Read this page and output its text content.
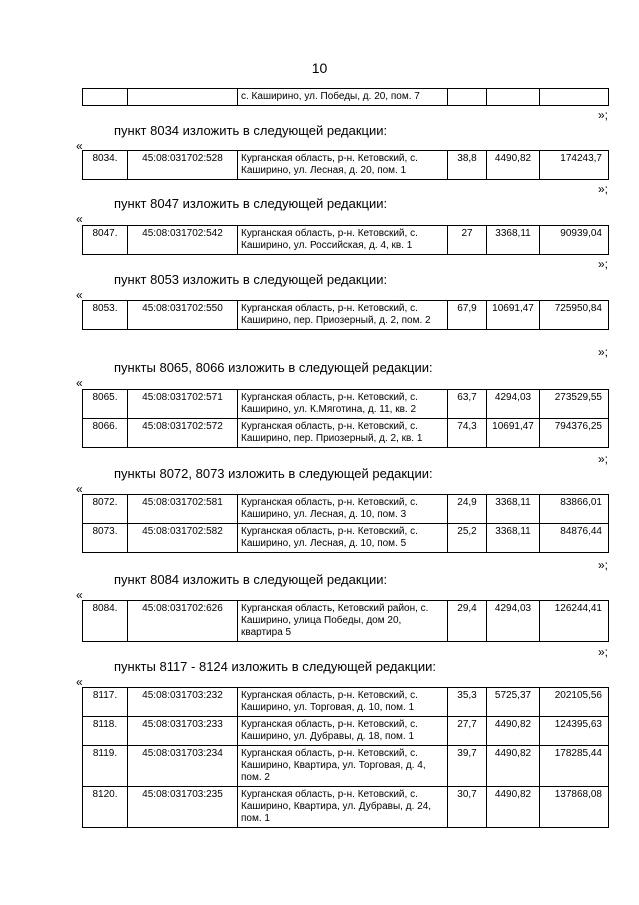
10
		с. Каширино, ул. Победы, д. 20, пом. 7			
»;
пункт 8034 изложить в следующей редакции:
«
8034.	45:08:031702:528	Курганская область, р-н. Кетовский, с. Каширино, ул. Лесная, д. 20, пом. 1	38,8	4490,82	174243,7
»;
пункт 8047 изложить в следующей редакции:
«
8047.	45:08:031702:542	Курганская область, р-н. Кетовский, с. Каширино, ул. Российская, д. 4, кв. 1	27	3368,11	90939,04
»;
пункт 8053 изложить в следующей редакции:
«
8053.	45:08:031702:550	Курганская область, р-н. Кетовский, с. Каширино, пер. Приозерный, д. 2, пом. 2	67,9	10691,47	725950,84
»;
пункты 8065, 8066 изложить в следующей редакции:
«
8065.	45:08:031702:571	Курганская область, р-н. Кетовский, с. Каширино, ул. К.Мяготина, д. 11, кв. 2	63,7	4294,03	273529,55
8066.	45:08:031702:572	Курганская область, р-н. Кетовский, с. Каширино, пер. Приозерный, д. 2, кв. 1	74,3	10691,47	794376,25
»;
пункты 8072, 8073 изложить в следующей редакции:
«
8072.	45:08:031702:581	Курганская область, р-н. Кетовский, с. Каширино, ул. Лесная, д. 10, пом. 3	24,9	3368,11	83866,01
8073.	45:08:031702:582	Курганская область, р-н. Кетовский, с. Каширино, ул. Лесная, д. 10, пом. 5	25,2	3368,11	84876,44
»;
пункт 8084 изложить в следующей редакции:
«
8084.	45:08:031702:626	Курганская область, Кетовский район, с. Каширино, улица Победы, дом 20, квартира 5	29,4	4294,03	126244,41
»;
пункты 8117 - 8124 изложить в следующей редакции:
«
8117.	45:08:031703:232	Курганская область, р-н. Кетовский, с. Каширино, ул. Торговая, д. 10, пом. 1	35,3	5725,37	202105,56
8118.	45:08:031703:233	Курганская область, р-н. Кетовский, с. Каширино, ул. Дубравы, д. 18, пом. 1	27,7	4490,82	124395,63
8119.	45:08:031703:234	Курганская область, р-н. Кетовский, с. Каширино, Квартира, ул. Торговая, д. 4, пом. 2	39,7	4490,82	178285,44
8120.	45:08:031703:235	Курганская область, р-н. Кетовский, с. Каширино, Квартира, ул. Дубравы, д. 24, пом. 1	30,7	4490,82	137868,08
